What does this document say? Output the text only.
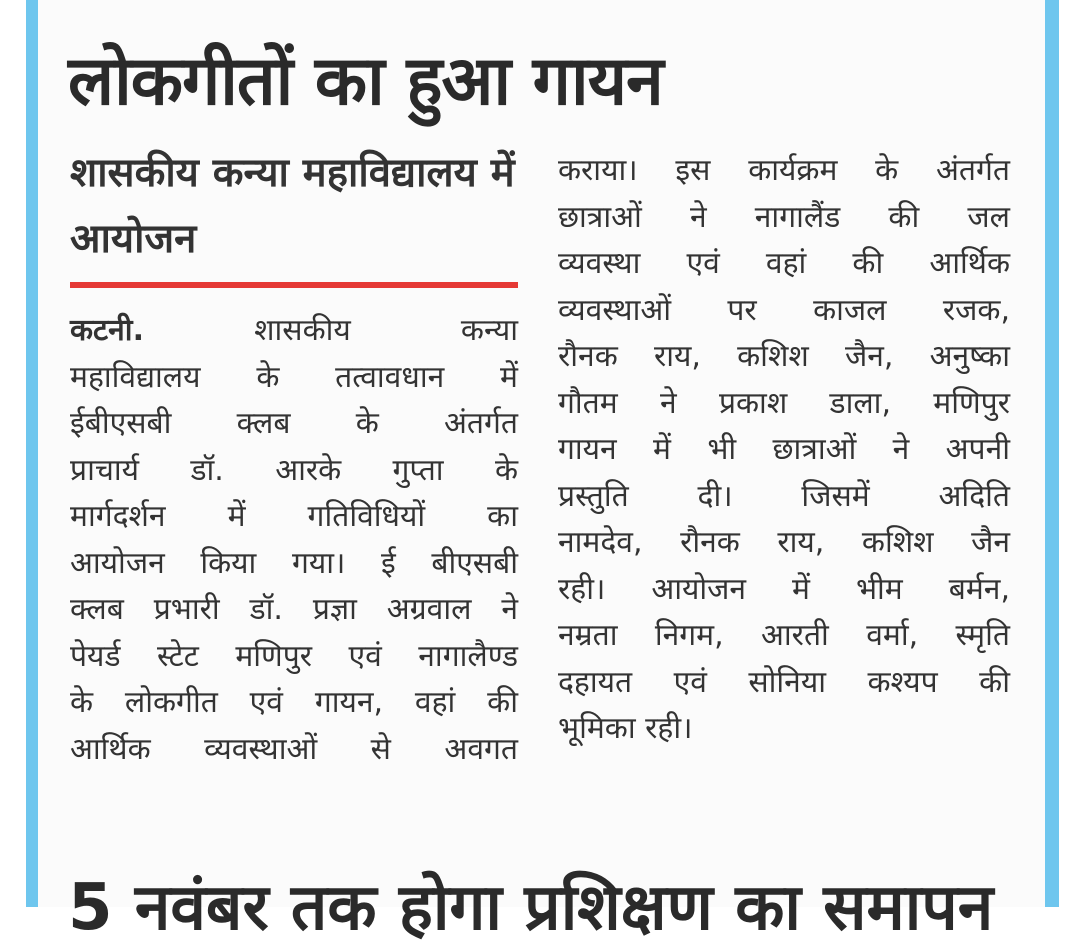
लोकगीतों का हुआ गायन
शासकीय कन्या महाविद्यालय में आयोजन
कटनी.	शासकीय कन्या
महाविद्यालय के तत्वावधान में
ईबीएसबी क्लब के अंतर्गत
प्राचार्य डॉ. आरके गुप्ता के
मार्गदर्शन में गतिविधियों का
आयोजन किया गया। ई बीएसबी
क्लब प्रभारी डॉ. प्रज्ञा अग्रवाल ने
पेयर्ड स्टेट मणिपुर एवं नागालैण्ड
के लोकगीत एवं गायन, वहां की
आर्थिक व्यवस्थाओं से अवगत
कराया। इस कार्यक्रम के अंतर्गत
छात्राओं ने नागालैंड की जल
व्यवस्था एवं वहां की आर्थिक
व्यवस्थाओं पर काजल रजक,
रौनक राय, कशिश जैन, अनुष्का
गौतम ने प्रकाश डाला, मणिपुर
गायन में भी छात्राओं ने अपनी
प्रस्तुति दी। जिसमें अदिति
नामदेव, रौनक राय, कशिश जैन
रही। आयोजन में भीम बर्मन,
नम्रता निगम, आरती वर्मा, स्मृति
दहायत एवं सोनिया कश्यप की
भूमिका रही।
5 नवंबर तक होगा प्रशिक्षण का समापन
